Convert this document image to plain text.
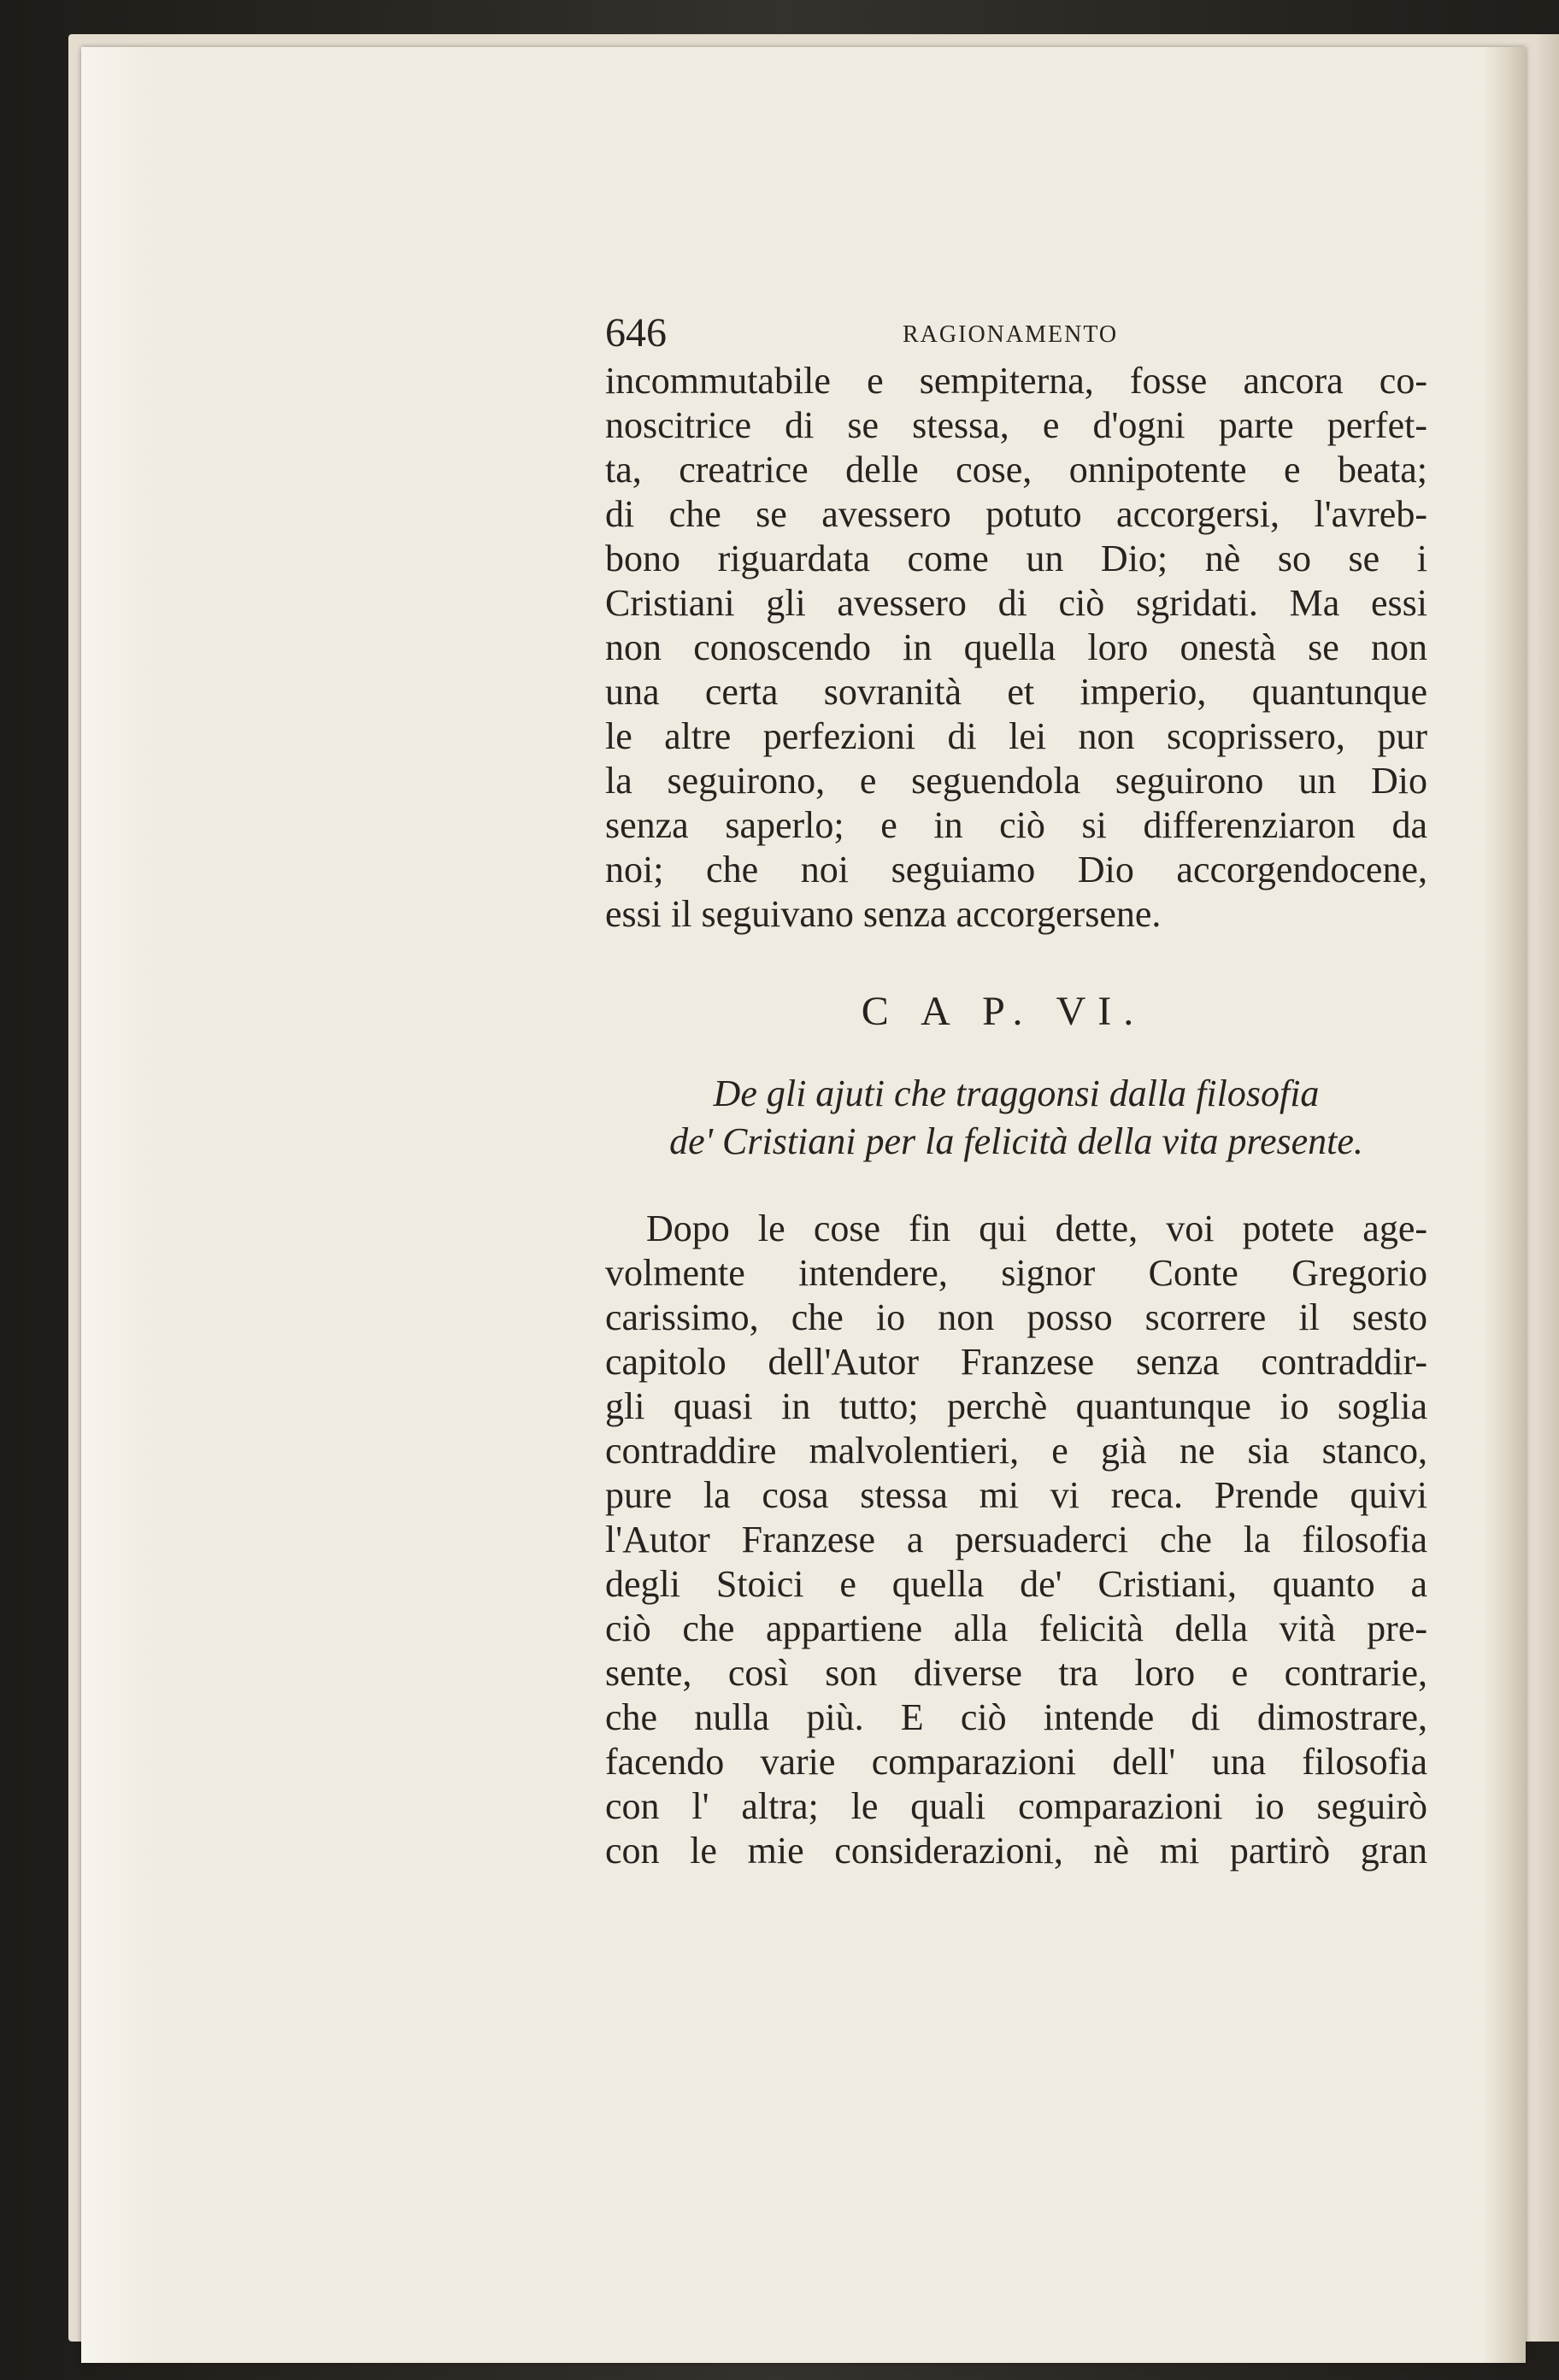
646	RAGIONAMENTO
incommutabile e sempiterna, fosse ancora co-
noscitrice di se stessa, e d'ogni parte perfet-
ta, creatrice delle cose, onnipotente e beata;
di che se avessero potuto accorgersi, l'avreb-
bono riguardata come un Dio; nè so se i
Cristiani gli avessero di ciò sgridati. Ma essi
non conoscendo in quella loro onestà se non
una certa sovranità et imperio, quantunque
le altre perfezioni di lei non scoprissero, pur
la seguirono, e seguendola seguirono un Dio
senza saperlo; e in ciò si differenziaron da
noi; che noi seguiamo Dio accorgendocene,
essi il seguivano senza accorgersene.
C A P. VI.
De gli ajuti che traggonsi dalla filosofia
de' Cristiani per la felicità della vita presente.
Dopo le cose fin qui dette, voi potete age-
volmente intendere, signor Conte Gregorio
carissimo, che io non posso scorrere il sesto
capitolo dell'Autor Franzese senza contraddir-
gli quasi in tutto; perchè quantunque io soglia
contraddire malvolentieri, e già ne sia stanco,
pure la cosa stessa mi vi reca. Prende quivi
l'Autor Franzese a persuaderci che la filosofia
degli Stoici e quella de' Cristiani, quanto a
ciò che appartiene alla felicità della vità pre-
sente, così son diverse tra loro e contrarie,
che nulla più. E ciò intende di dimostrare,
facendo varie comparazioni dell' una filosofia
con l' altra; le quali comparazioni io seguirò
con le mie considerazioni, nè mi partirò gran
